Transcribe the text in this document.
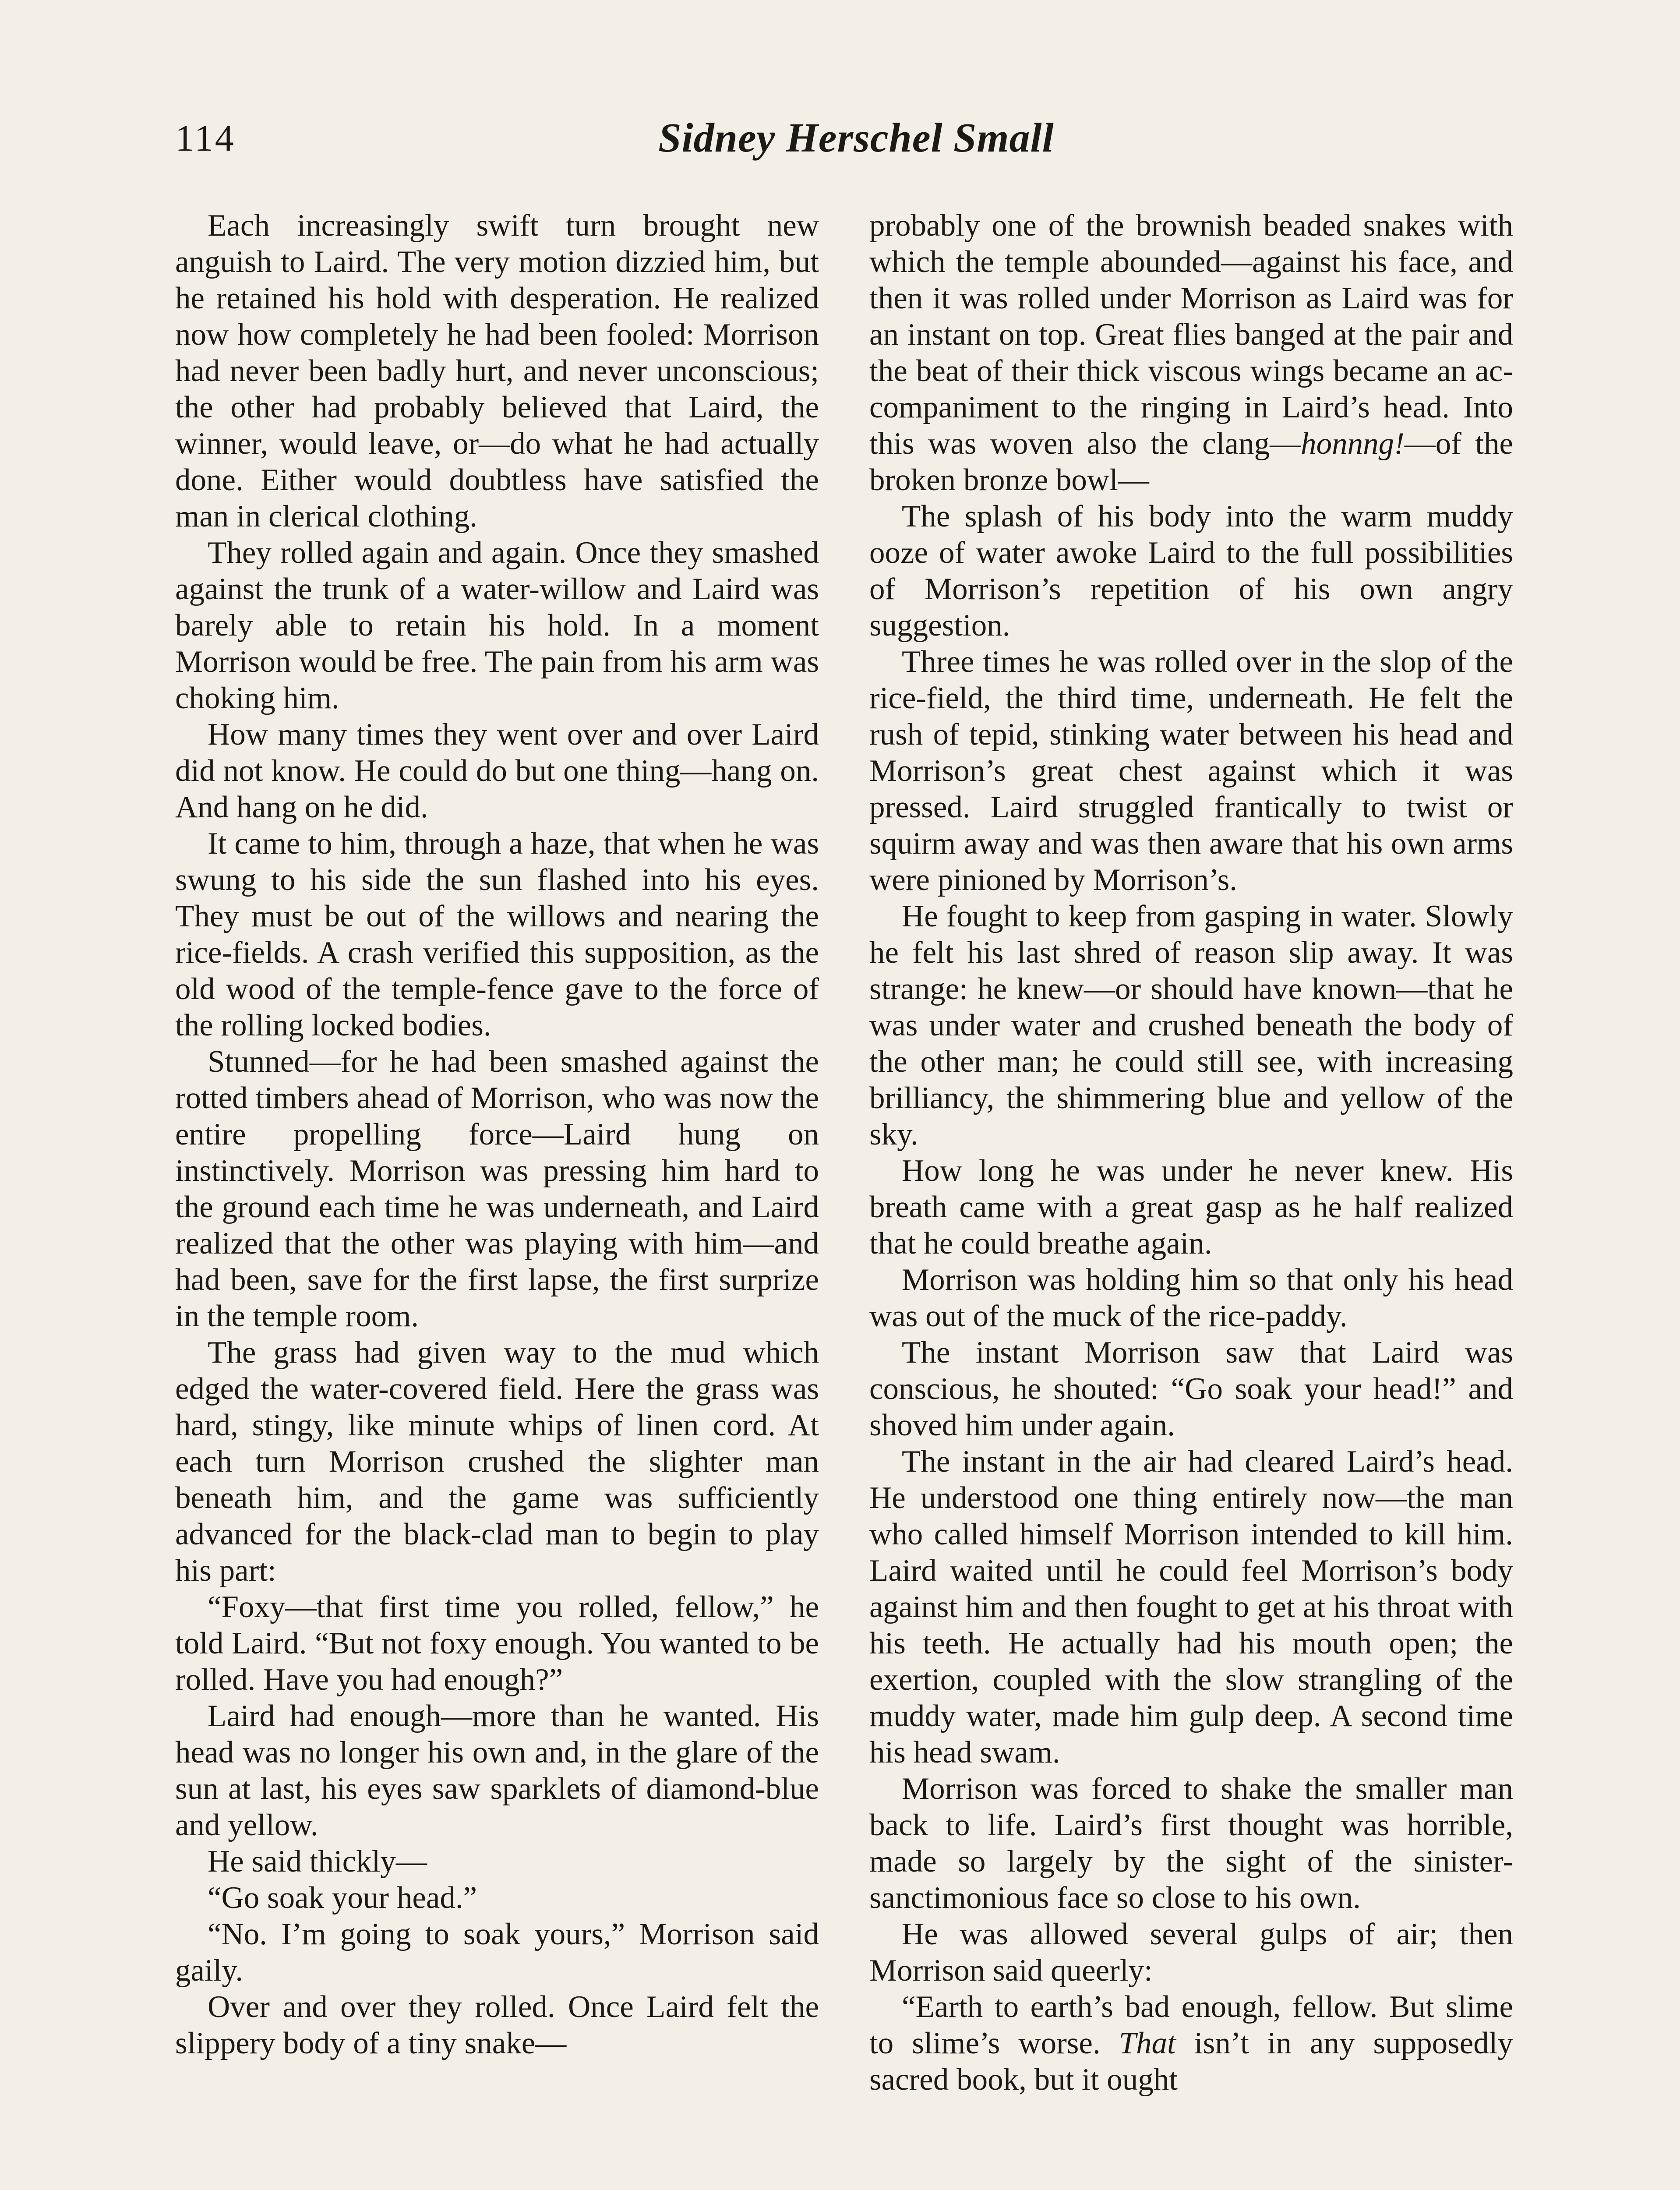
114	Sidney Herschel Small

Each increasingly swift turn brought new anguish to Laird. The very motion dizzied him, but he retained his hold with desperation. He realized now how completely he had been fooled: Morrison had never been badly hurt, and never unconscious; the other had probably believed that Laird, the winner, would leave, or—do what he had actually done. Either would doubtless have satisfied the man in clerical clothing.

They rolled again and again. Once they smashed against the trunk of a water-willow and Laird was barely able to retain his hold. In a moment Morrison would be free. The pain from his arm was choking him.

How many times they went over and over Laird did not know. He could do but one thing—hang on. And hang on he did.

It came to him, through a haze, that when he was swung to his side the sun flashed into his eyes. They must be out of the willows and nearing the rice-fields. A crash verified this supposition, as the old wood of the temple-fence gave to the force of the rolling locked bodies.

Stunned—for he had been smashed against the rotted timbers ahead of Morrison, who was now the entire propelling force—Laird hung on instinctively. Morrison was pressing him hard to the ground each time he was underneath, and Laird realized that the other was playing with him—and had been, save for the first lapse, the first surprize in the temple room.

The grass had given way to the mud which edged the water-covered field. Here the grass was hard, stingy, like minute whips of linen cord. At each turn Morrison crushed the slighter man beneath him, and the game was sufficiently advanced for the black-clad man to begin to play his part:

“Foxy—that first time you rolled, fellow,” he told Laird. “But not foxy enough. You wanted to be rolled. Have you had enough?”

Laird had enough—more than he wanted. His head was no longer his own and, in the glare of the sun at last, his eyes saw sparklets of diamond-blue and yellow.

He said thickly—

“Go soak your head.”

“No. I’m going to soak yours,” Morrison said gaily.

Over and over they rolled. Once Laird felt the slippery body of a tiny snake—

probably one of the brownish beaded snakes with which the temple abounded—against his face, and then it was rolled under Morrison as Laird was for an instant on top. Great flies banged at the pair and the beat of their thick viscous wings became an accompaniment to the ringing in Laird’s head. Into this was woven also the clang—honnng!—of the broken bronze bowl—

The splash of his body into the warm muddy ooze of water awoke Laird to the full possibilities of Morrison’s repetition of his own angry suggestion.

Three times he was rolled over in the slop of the rice-field, the third time, underneath. He felt the rush of tepid, stinking water between his head and Morrison’s great chest against which it was pressed. Laird struggled frantically to twist or squirm away and was then aware that his own arms were pinioned by Morrison’s.

He fought to keep from gasping in water. Slowly he felt his last shred of reason slip away. It was strange: he knew—or should have known—that he was under water and crushed beneath the body of the other man; he could still see, with increasing brilliancy, the shimmering blue and yellow of the sky.

How long he was under he never knew. His breath came with a great gasp as he half realized that he could breathe again.

Morrison was holding him so that only his head was out of the muck of the rice-paddy.

The instant Morrison saw that Laird was conscious, he shouted: “Go soak your head!” and shoved him under again.

The instant in the air had cleared Laird’s head. He understood one thing entirely now—the man who called himself Morrison intended to kill him. Laird waited until he could feel Morrison’s body against him and then fought to get at his throat with his teeth. He actually had his mouth open; the exertion, coupled with the slow strangling of the muddy water, made him gulp deep. A second time his head swam.

Morrison was forced to shake the smaller man back to life. Laird’s first thought was horrible, made so largely by the sight of the sinister-sanctimonious face so close to his own.

He was allowed several gulps of air; then Morrison said queerly:

“Earth to earth’s bad enough, fellow. But slime to slime’s worse. That isn’t in any supposedly sacred book, but it ought
